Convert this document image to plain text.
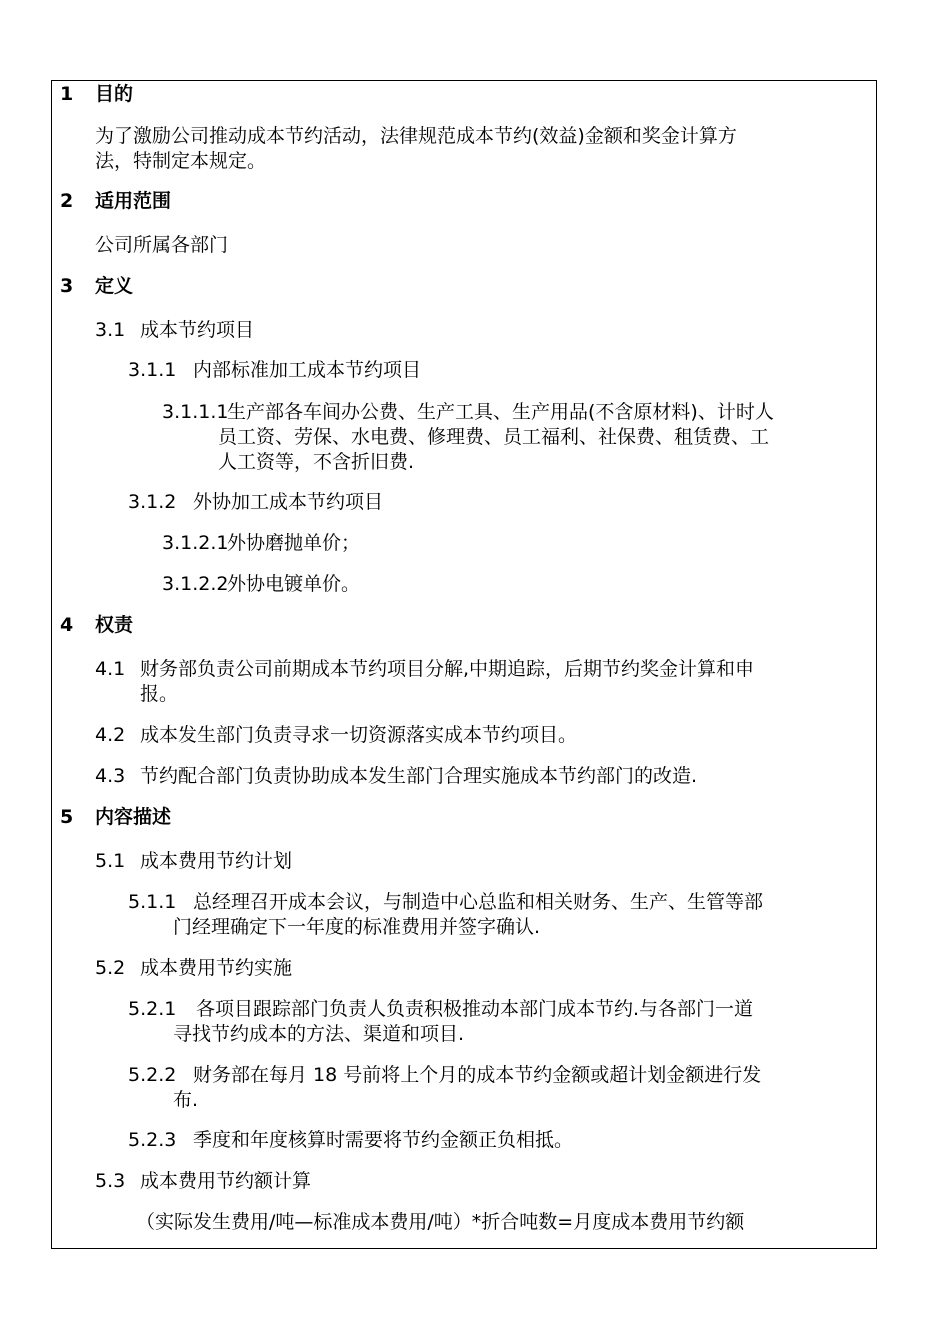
1 目的
为了激励公司推动成本节约活动，法律规范成本节约(效益)金额和奖金计算方
法，特制定本规定。
2 适用范围
公司所属各部门
3 定义
3.1 成本节约项目
3.1.1 内部标准加工成本节约项目
3.1.1.1
生产部各车间办公费、生产工具、生产用品(不含原材料)、计时人
员工资、劳保、水电费、修理费、员工福利、社保费、租赁费、工
人工资等，不含折旧费.
3.1.2 外协加工成本节约项目
3.1.2.1
外协磨抛单价；
3.1.2.2
外协电镀单价。
4 权责
4.1 财务部负责公司前期成本节约项目分解,中期追踪，后期节约奖金计算和申
报。
4.2 成本发生部门负责寻求一切资源落实成本节约项目。
4.3 节约配合部门负责协助成本发生部门合理实施成本节约部门的改造.
5 内容描述
5.1 成本费用节约计划
5.1.1 总经理召开成本会议，与制造中心总监和相关财务、生产、生管等部
门经理确定下一年度的标准费用并签字确认.
5.2 成本费用节约实施
5.2.1 各项目跟踪部门负责人负责积极推动本部门成本节约.与各部门一道
寻找节约成本的方法、渠道和项目.
5.2.2 财务部在每月 18 号前将上个月的成本节约金额或超计划金额进行发
布.
5.2.3 季度和年度核算时需要将节约金额正负相抵。
5.3 成本费用节约额计算
（实际发生费用/吨—标准成本费用/吨）*折合吨数=月度成本费用节约额
